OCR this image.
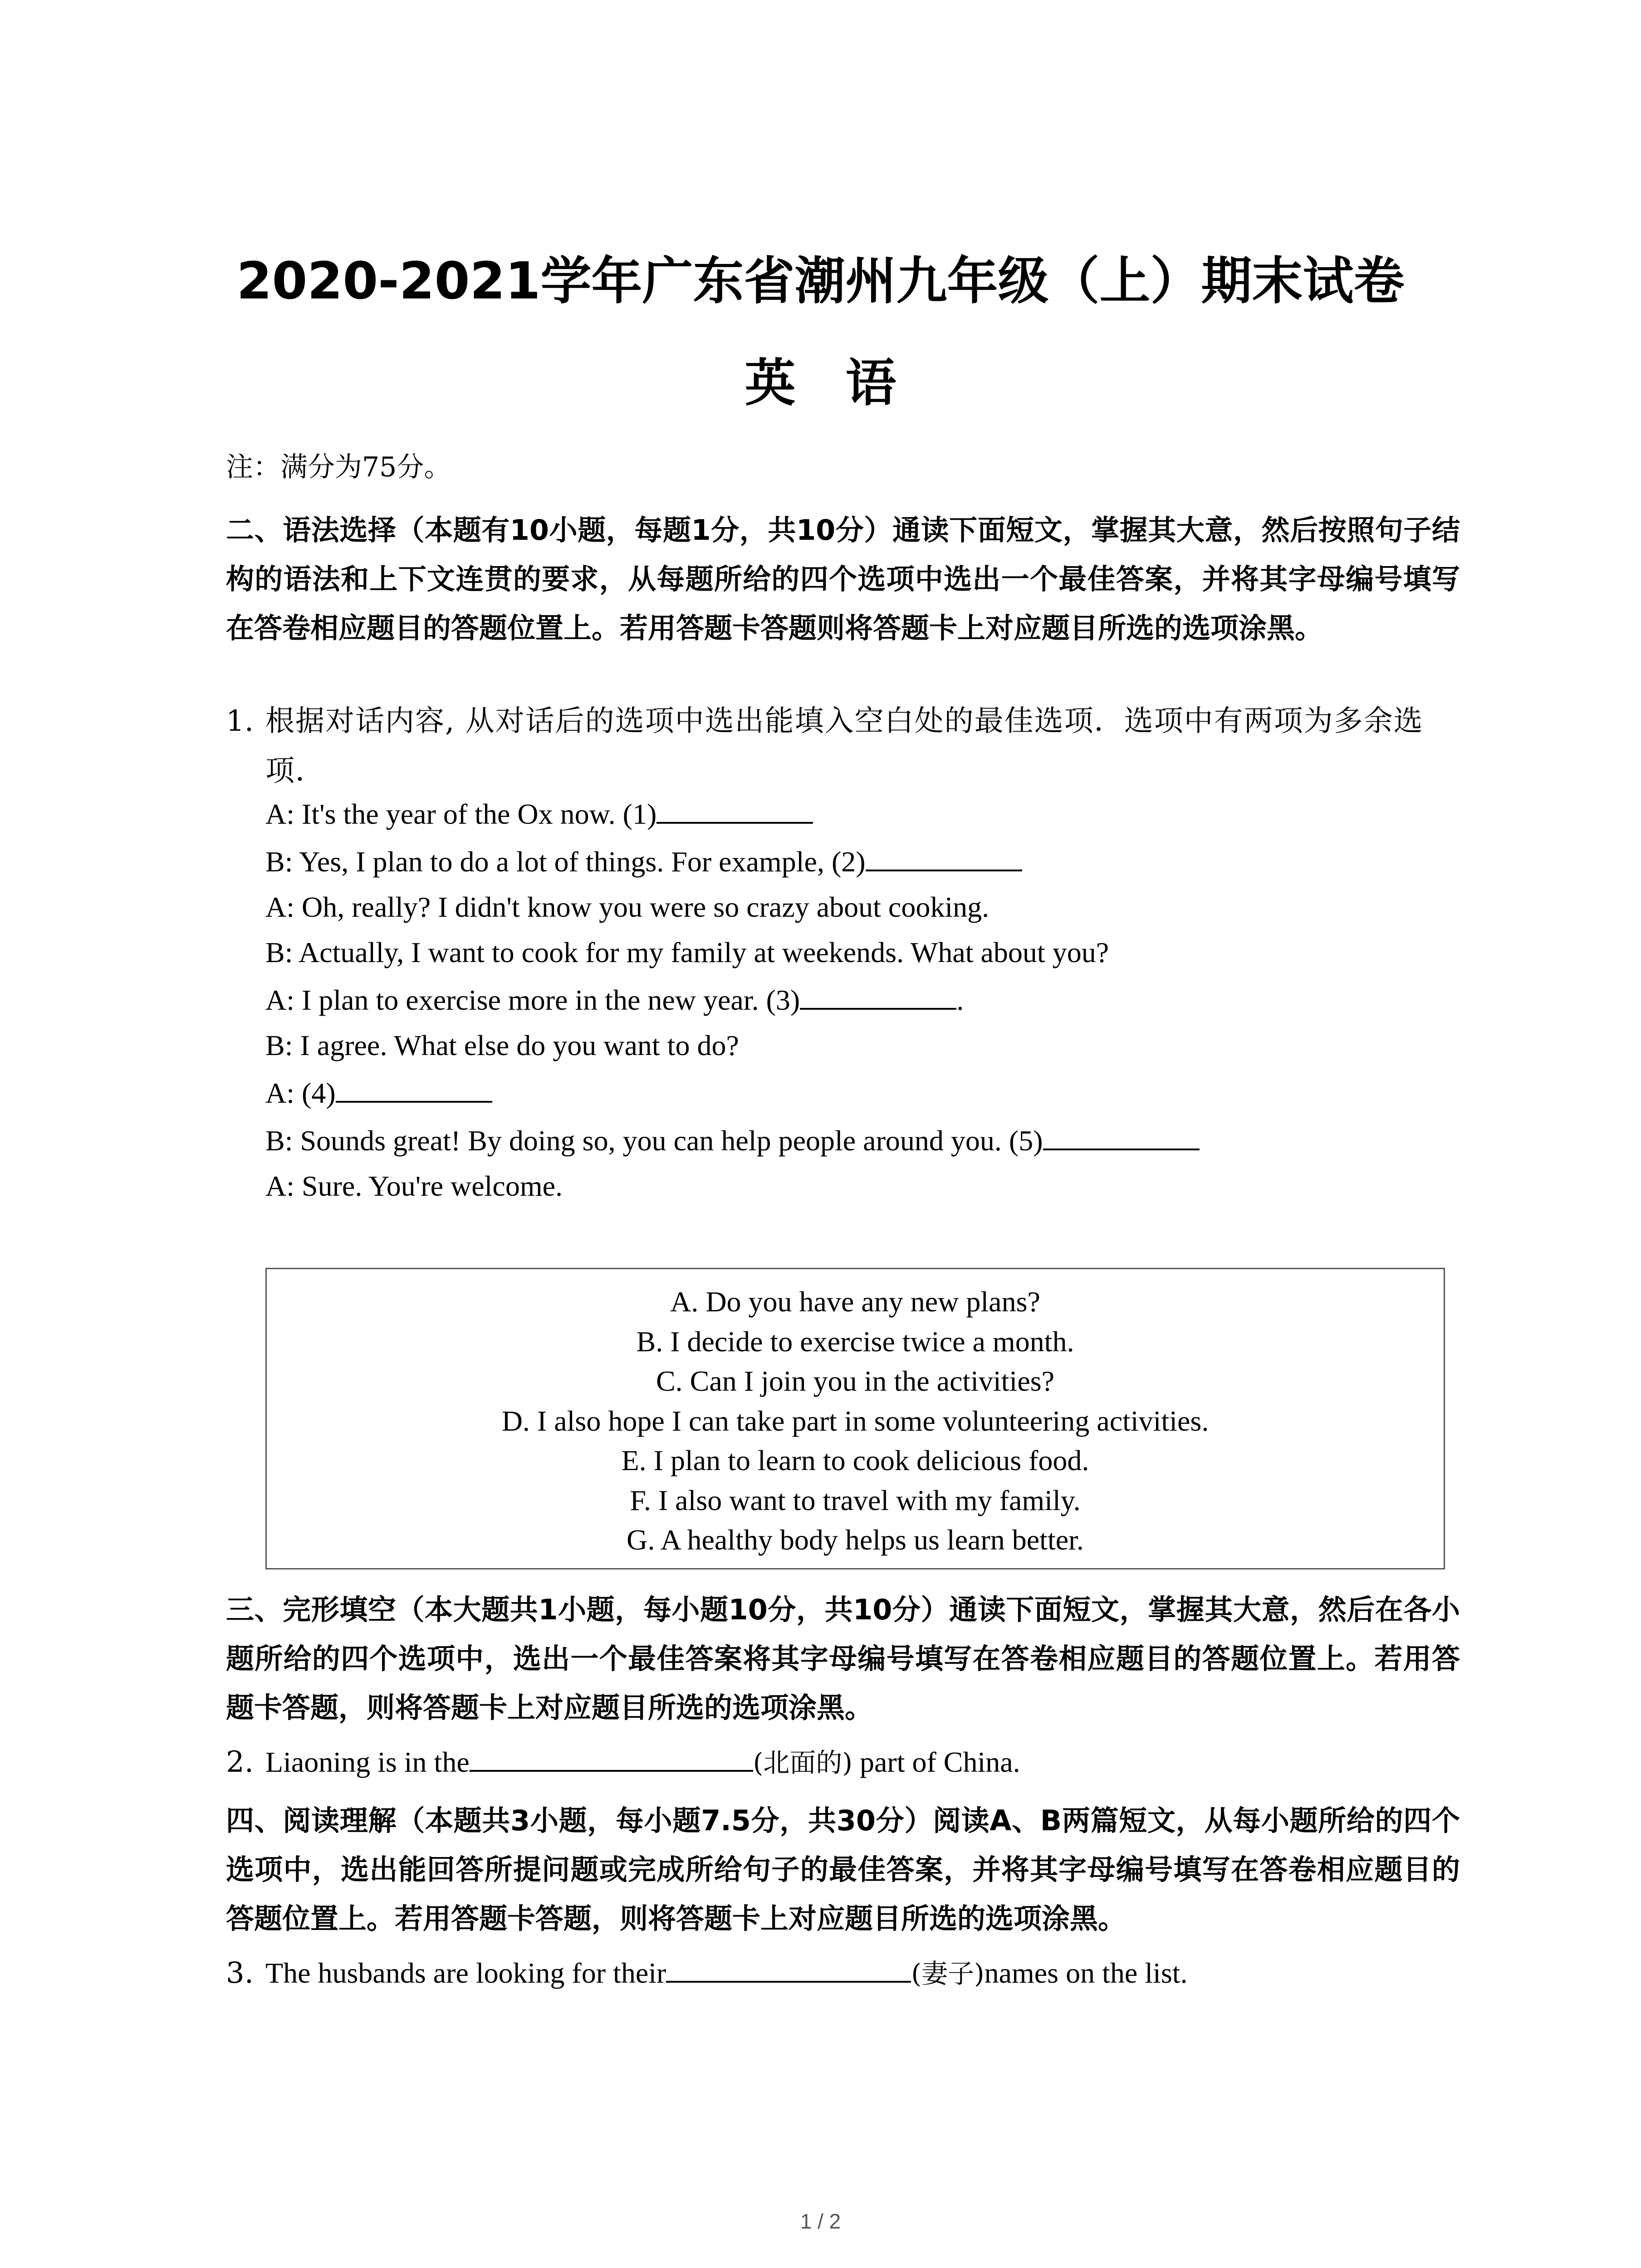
2020-2021学年广东省潮州九年级（上）期末试卷
英语
注：满分为75分。
二、语法选择（本题有10小题，每题1分，共10分）通读下面短文，掌握其大意，然后按照句子结构的语法和上下文连贯的要求，从每题所给的四个选项中选出一个最佳答案，并将其字母编号填写在答卷相应题目的答题位置上。若用答题卡答题则将答题卡上对应题目所选的选项涂黑。
1. 根据对话内容, 从对话后的选项中选出能填入空白处的最佳选项．选项中有两项为多余选项．
A: It's the year of the Ox now. (1)
B: Yes, I plan to do a lot of things. For example, (2)
A: Oh, really? I didn't know you were so crazy about cooking.
B: Actually, I want to cook for my family at weekends. What about you?
A: I plan to exercise more in the new year. (3)	.
B: I agree. What else do you want to do?
A: (4)
B: Sounds great! By doing so, you can help people around you. (5)
A: Sure. You're welcome.
A. Do you have any new plans?
B. I decide to exercise twice a month.
C. Can I join you in the activities?
D. I also hope I can take part in some volunteering activities.
E. I plan to learn to cook delicious food.
F. I also want to travel with my family.
G. A healthy body helps us learn better.
三、完形填空（本大题共1小题，每小题10分，共10分）通读下面短文，掌握其大意，然后在各小题所给的四个选项中，选出一个最佳答案将其字母编号填写在答卷相应题目的答题位置上。若用答题卡答题，则将答题卡上对应题目所选的选项涂黑。
2. Liaoning is in the	(北面的) part of China.
四、阅读理解（本题共3小题，每小题7.5分，共30分）阅读A、B两篇短文，从每小题所给的四个选项中，选出能回答所提问题或完成所给句子的最佳答案，并将其字母编号填写在答卷相应题目的答题位置上。若用答题卡答题，则将答题卡上对应题目所选的选项涂黑。
3. The husbands are looking for their	(妻子)names on the list.
1 / 2
